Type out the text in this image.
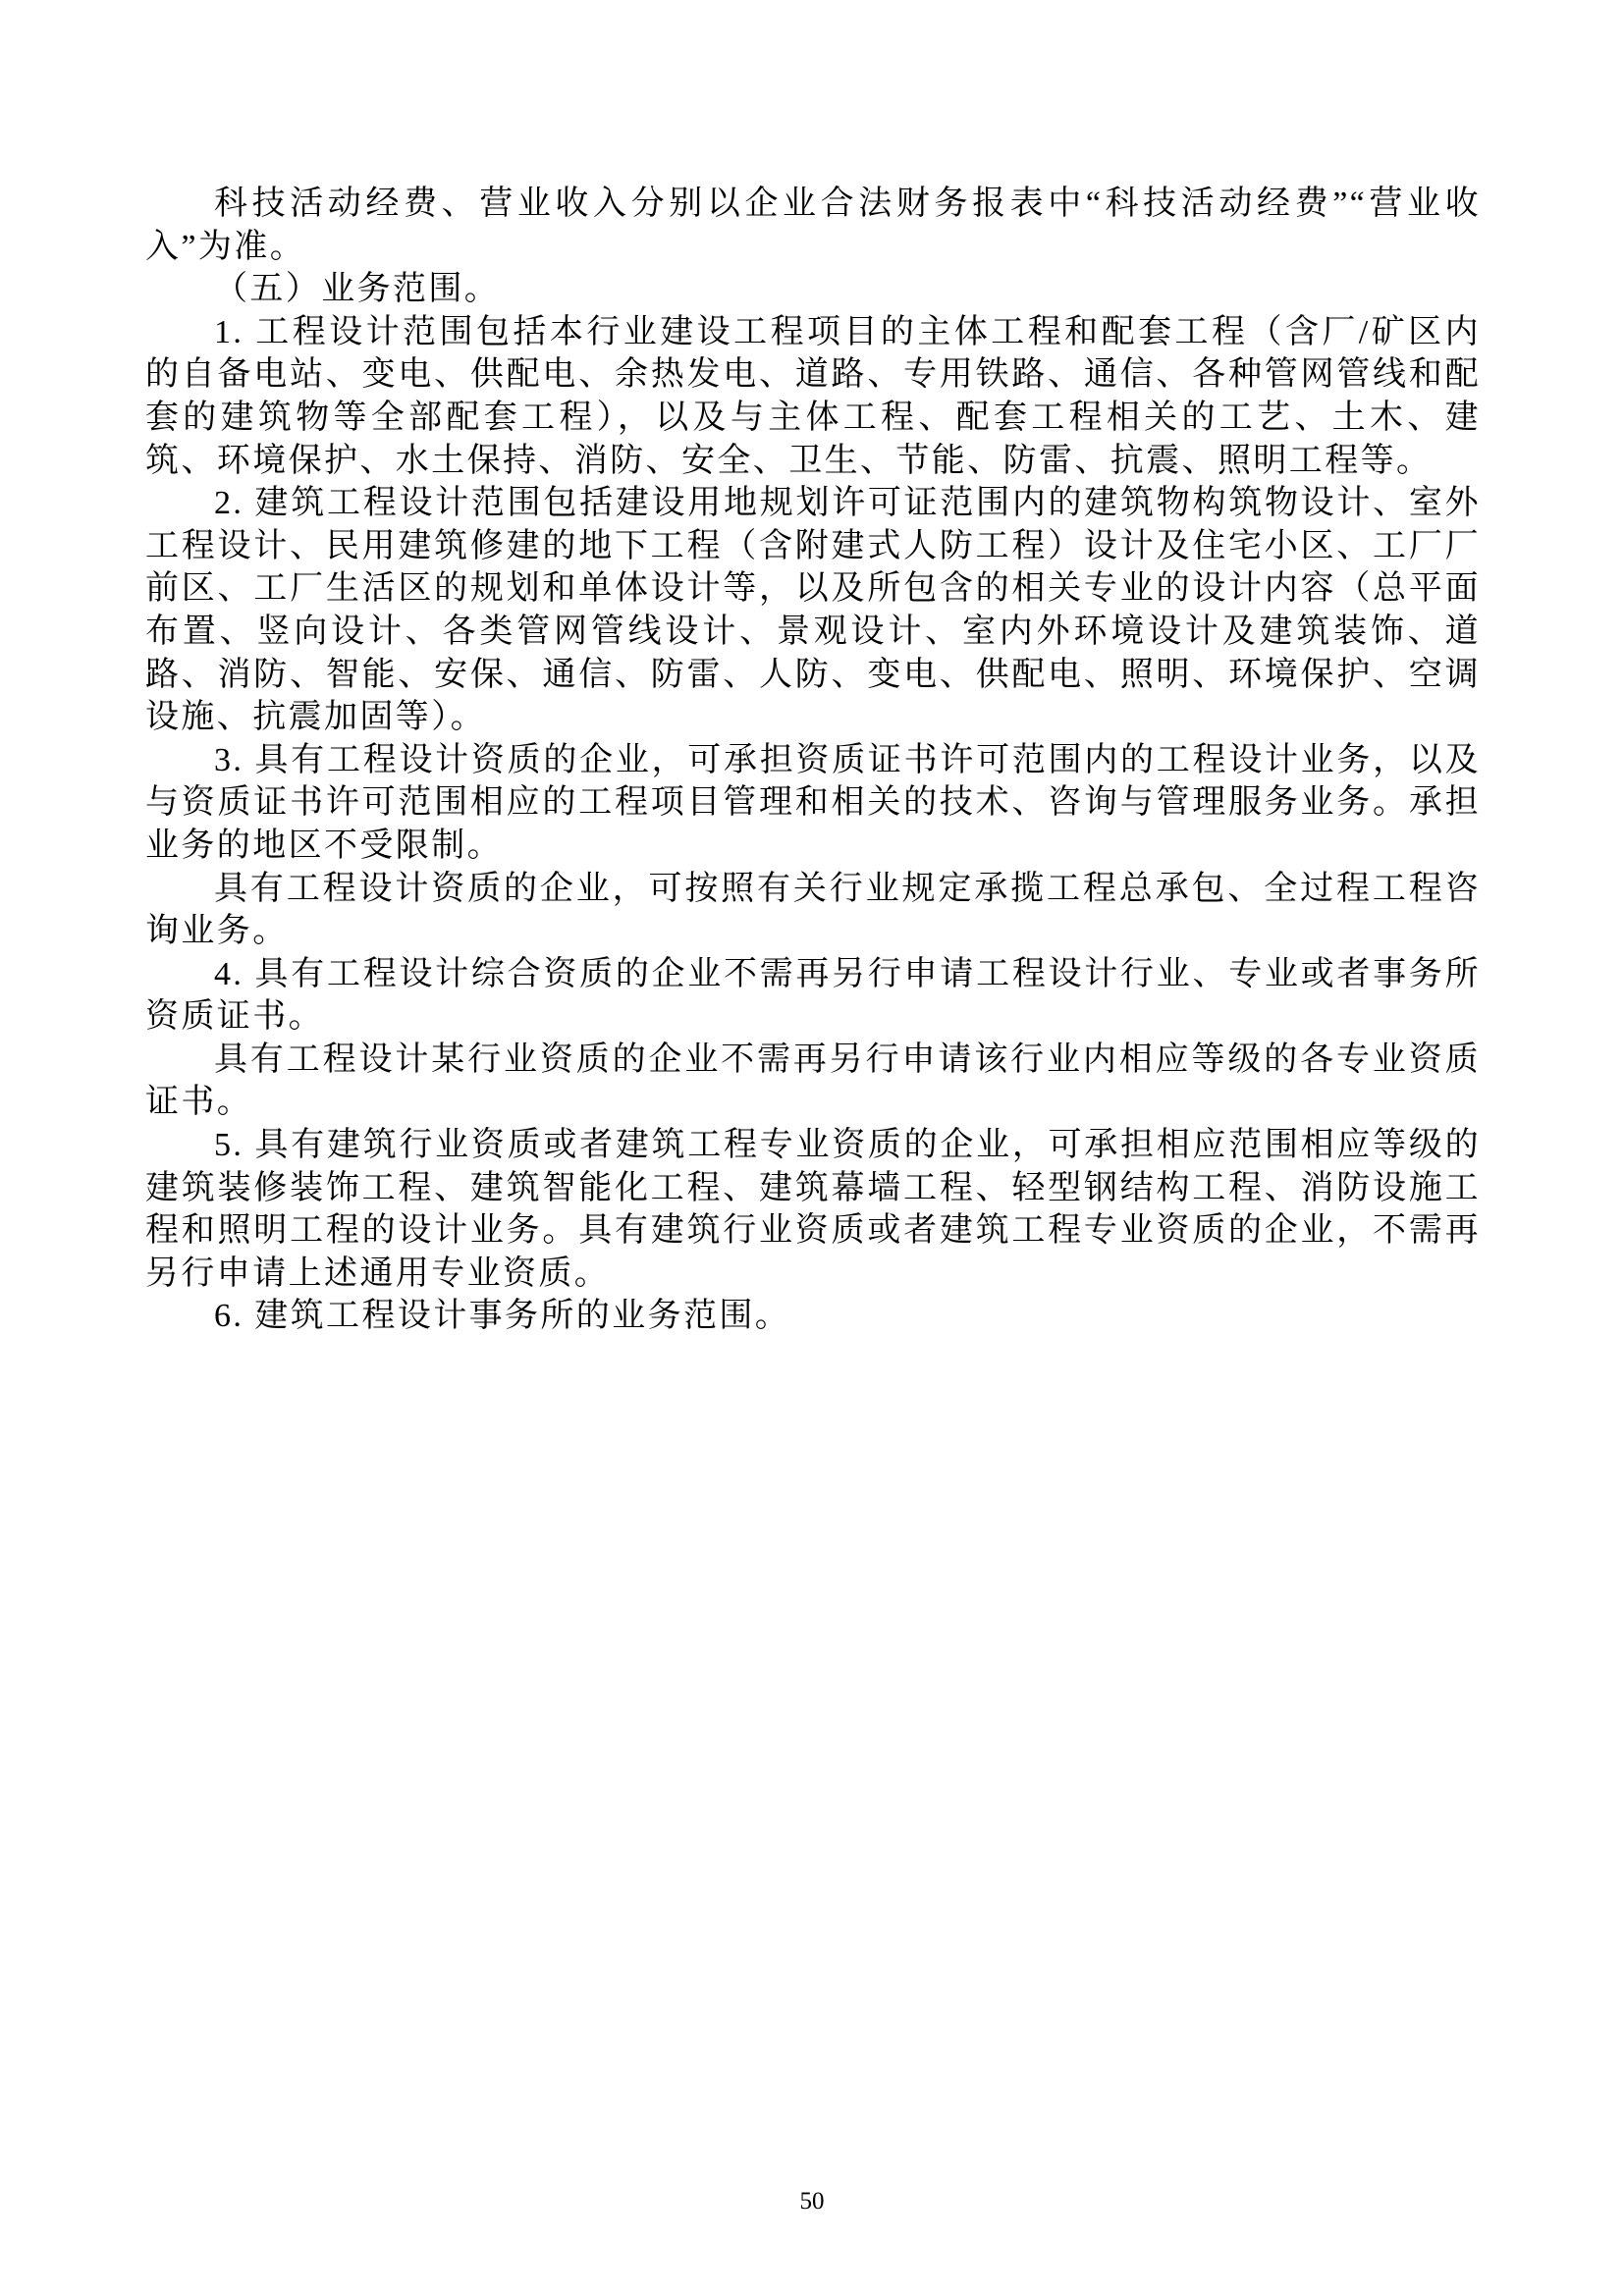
科技活动经费、营业收入分别以企业合法财务报表中“科技活动经费”“营业收入”为准。

（五）业务范围。

1. 工程设计范围包括本行业建设工程项目的主体工程和配套工程（含厂/矿区内的自备电站、变电、供配电、余热发电、道路、专用铁路、通信、各种管网管线和配套的建筑物等全部配套工程），以及与主体工程、配套工程相关的工艺、土木、建筑、环境保护、水土保持、消防、安全、卫生、节能、防雷、抗震、照明工程等。

2. 建筑工程设计范围包括建设用地规划许可证范围内的建筑物构筑物设计、室外工程设计、民用建筑修建的地下工程（含附建式人防工程）设计及住宅小区、工厂厂前区、工厂生活区的规划和单体设计等，以及所包含的相关专业的设计内容（总平面布置、竖向设计、各类管网管线设计、景观设计、室内外环境设计及建筑装饰、道路、消防、智能、安保、通信、防雷、人防、变电、供配电、照明、环境保护、空调设施、抗震加固等）。

3. 具有工程设计资质的企业，可承担资质证书许可范围内的工程设计业务，以及与资质证书许可范围相应的工程项目管理和相关的技术、咨询与管理服务业务。承担业务的地区不受限制。

具有工程设计资质的企业，可按照有关行业规定承揽工程总承包、全过程工程咨询业务。

4. 具有工程设计综合资质的企业不需再另行申请工程设计行业、专业或者事务所资质证书。

具有工程设计某行业资质的企业不需再另行申请该行业内相应等级的各专业资质证书。

5. 具有建筑行业资质或者建筑工程专业资质的企业，可承担相应范围相应等级的建筑装修装饰工程、建筑智能化工程、建筑幕墙工程、轻型钢结构工程、消防设施工程和照明工程的设计业务。具有建筑行业资质或者建筑工程专业资质的企业，不需再另行申请上述通用专业资质。

6. 建筑工程设计事务所的业务范围。

50
